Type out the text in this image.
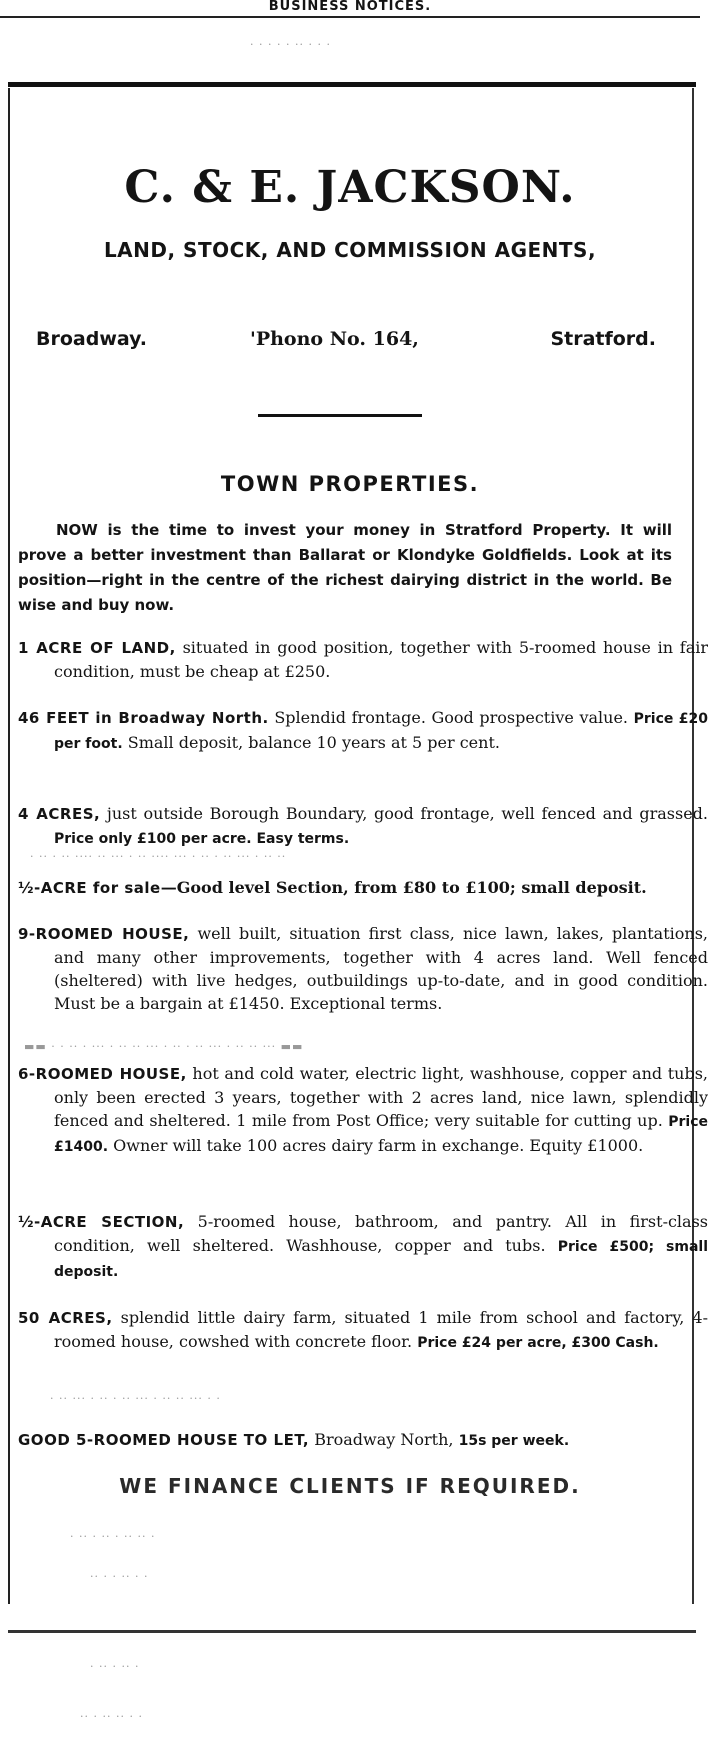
BUSINESS NOTICES.
· · · · · ·· · · ·
C. & E. JACKSON.
LAND, STOCK, AND COMMISSION AGENTS,
Broadway.	'Phono No. 164,	Stratford.
TOWN PROPERTIES.
NOW is the time to invest your money in Stratford Property. It will prove a better investment than Ballarat or Klondyke Goldfields. Look at its position—right in the centre of the richest dairying district in the world. Be wise and buy now.
1 ACRE OF LAND, situated in good position, together with 5-roomed house in fair condition, must be cheap at £250.
46 FEET in Broadway North. Splendid frontage. Good prospective value. Price £20 per foot. Small deposit, balance 10 years at 5 per cent.
4 ACRES, just outside Borough Boundary, good frontage, well fenced and grassed. Price only £100 per acre. Easy terms.
· ·· · ·· ···· ·· ··· · ·· ···· ··· · ·· · ·· ··· · ·· ··
½-ACRE for sale—Good level Section, from £80 to £100; small deposit.
9-ROOMED HOUSE, well built, situation first class, nice lawn, lakes, plantations, and many other improvements, together with 4 acres land. Well fenced (sheltered) with live hedges, outbuildings up-to-date, and in good condition. Must be a bargain at £1450. Exceptional terms.
▬▬ · · ·· · ··· · ·· ·· ··· · ·· · ·· ··· · ·· ·· ··· ▬▬
6-ROOMED HOUSE, hot and cold water, electric light, washhouse, copper and tubs, only been erected 3 years, together with 2 acres land, nice lawn, splendidly fenced and sheltered. 1 mile from Post Office; very suitable for cutting up. Price £1400. Owner will take 100 acres dairy farm in exchange. Equity £1000.
½-ACRE SECTION, 5-roomed house, bathroom, and pantry. All in first-class condition, well sheltered. Washhouse, copper and tubs. Price £500; small deposit.
50 ACRES, splendid little dairy farm, situated 1 mile from school and factory, 4-roomed house, cowshed with concrete floor. Price £24 per acre, £300 Cash.
· ·· ··· · ·· · ·· ··· · ·· ·· ··· · ·
GOOD 5-ROOMED HOUSE TO LET, Broadway North, 15s per week.
WE FINANCE CLIENTS IF REQUIRED.
· ·· · ·· · ·· ·· ·
·· · · ·· · ·
· ·· · ·· ·
·· · ·· ·· · ·
